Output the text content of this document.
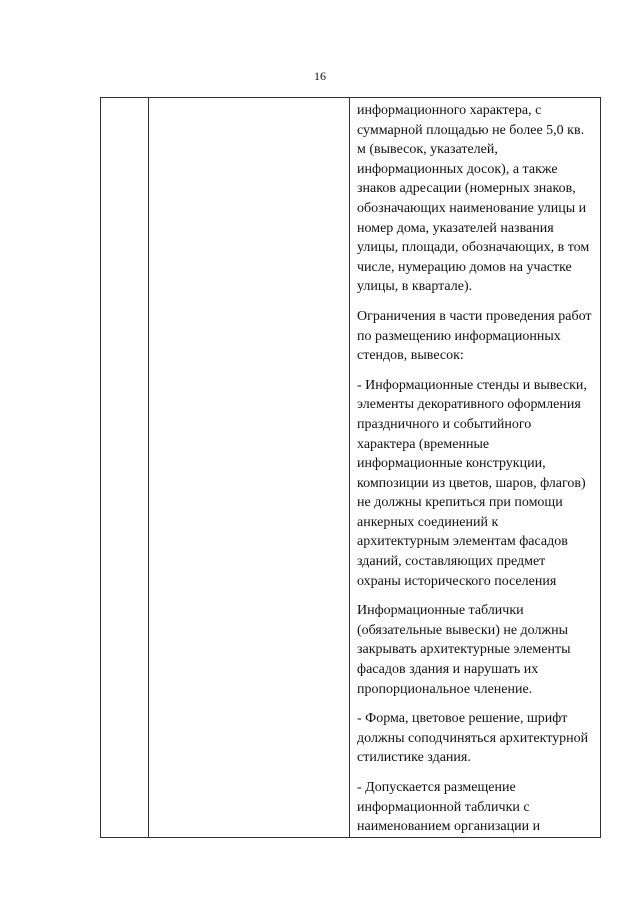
16

информационного характера, с суммарной площадью не более 5,0 кв. м (вывесок, указателей, информационных досок), а также знаков адресации (номерных знаков, обозначающих наименование улицы и номер дома, указателей названия улицы, площади, обозначающих, в том числе, нумерацию домов на участке улицы, в квартале).

Ограничения в части проведения работ по размещению информационных стендов, вывесок:

- Информационные стенды и вывески, элементы декоративного оформления праздничного и событийного характера (временные информационные конструкции, композиции из цветов, шаров, флагов) не должны крепиться при помощи анкерных соединений к архитектурным элементам фасадов зданий, составляющих предмет охраны исторического поселения

Информационные таблички (обязательные вывески) не должны закрывать архитектурные элементы фасадов здания и нарушать их пропорциональное членение.

- Форма, цветовое решение, шрифт должны соподчиняться архитектурной стилистике здания.

- Допускается размещение информационной таблички с наименованием организации и
